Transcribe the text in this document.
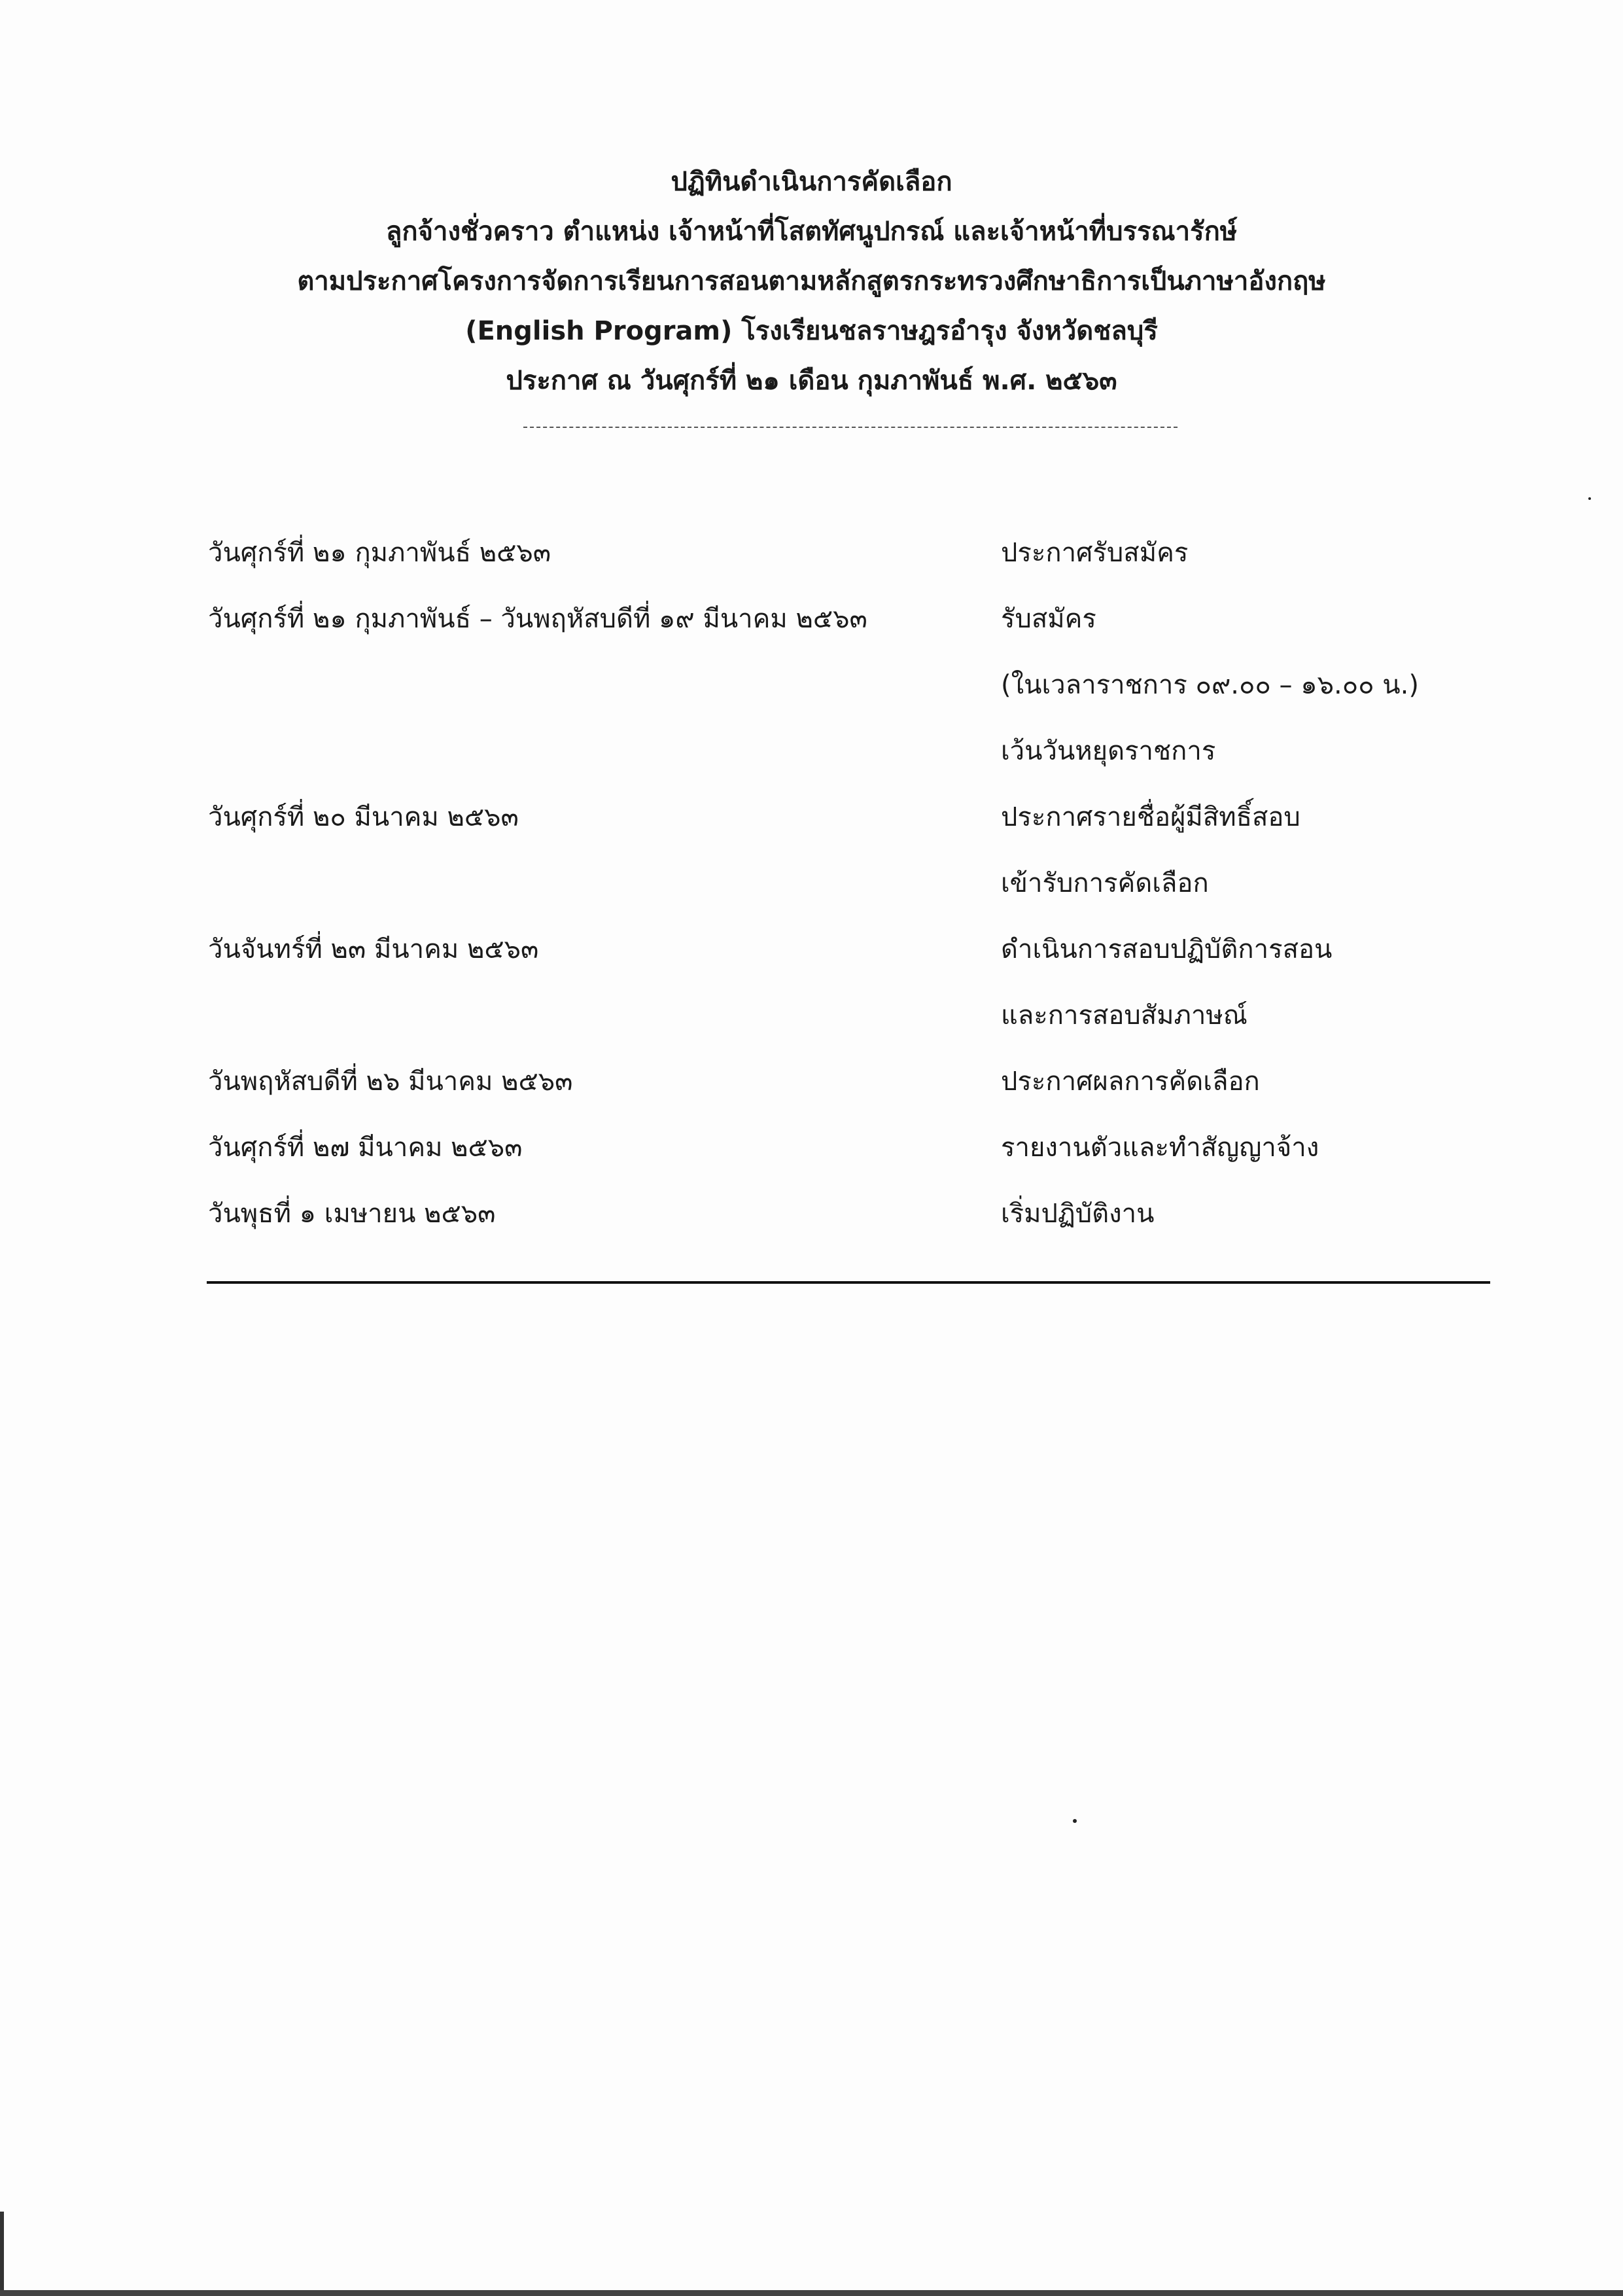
ปฏิทินดำเนินการคัดเลือก
ลูกจ้างชั่วคราว ตำแหน่ง เจ้าหน้าที่โสตทัศนูปกรณ์ และเจ้าหน้าที่บรรณารักษ์
ตามประกาศโครงการจัดการเรียนการสอนตามหลักสูตรกระทรวงศึกษาธิการเป็นภาษาอังกฤษ
(English Program) โรงเรียนชลราษฎรอำรุง จังหวัดชลบุรี
ประกาศ ณ วันศุกร์ที่ ๒๑ เดือน กุมภาพันธ์ พ.ศ. ๒๕๖๓
วันศุกร์ที่ ๒๑ กุมภาพันธ์ ๒๕๖๓	ประกาศรับสมัคร
วันศุกร์ที่ ๒๑ กุมภาพันธ์ – วันพฤหัสบดีที่ ๑๙ มีนาคม ๒๕๖๓	รับสมัคร
(ในเวลาราชการ ๐๙.๐๐ – ๑๖.๐๐ น.)
เว้นวันหยุดราชการ
วันศุกร์ที่ ๒๐ มีนาคม ๒๕๖๓	ประกาศรายชื่อผู้มีสิทธิ์สอบ
เข้ารับการคัดเลือก
วันจันทร์ที่ ๒๓ มีนาคม ๒๕๖๓	ดำเนินการสอบปฏิบัติการสอน
และการสอบสัมภาษณ์
วันพฤหัสบดีที่ ๒๖ มีนาคม ๒๕๖๓	ประกาศผลการคัดเลือก
วันศุกร์ที่ ๒๗ มีนาคม ๒๕๖๓	รายงานตัวและทำสัญญาจ้าง
วันพุธที่ ๑ เมษายน ๒๕๖๓	เริ่มปฏิบัติงาน
